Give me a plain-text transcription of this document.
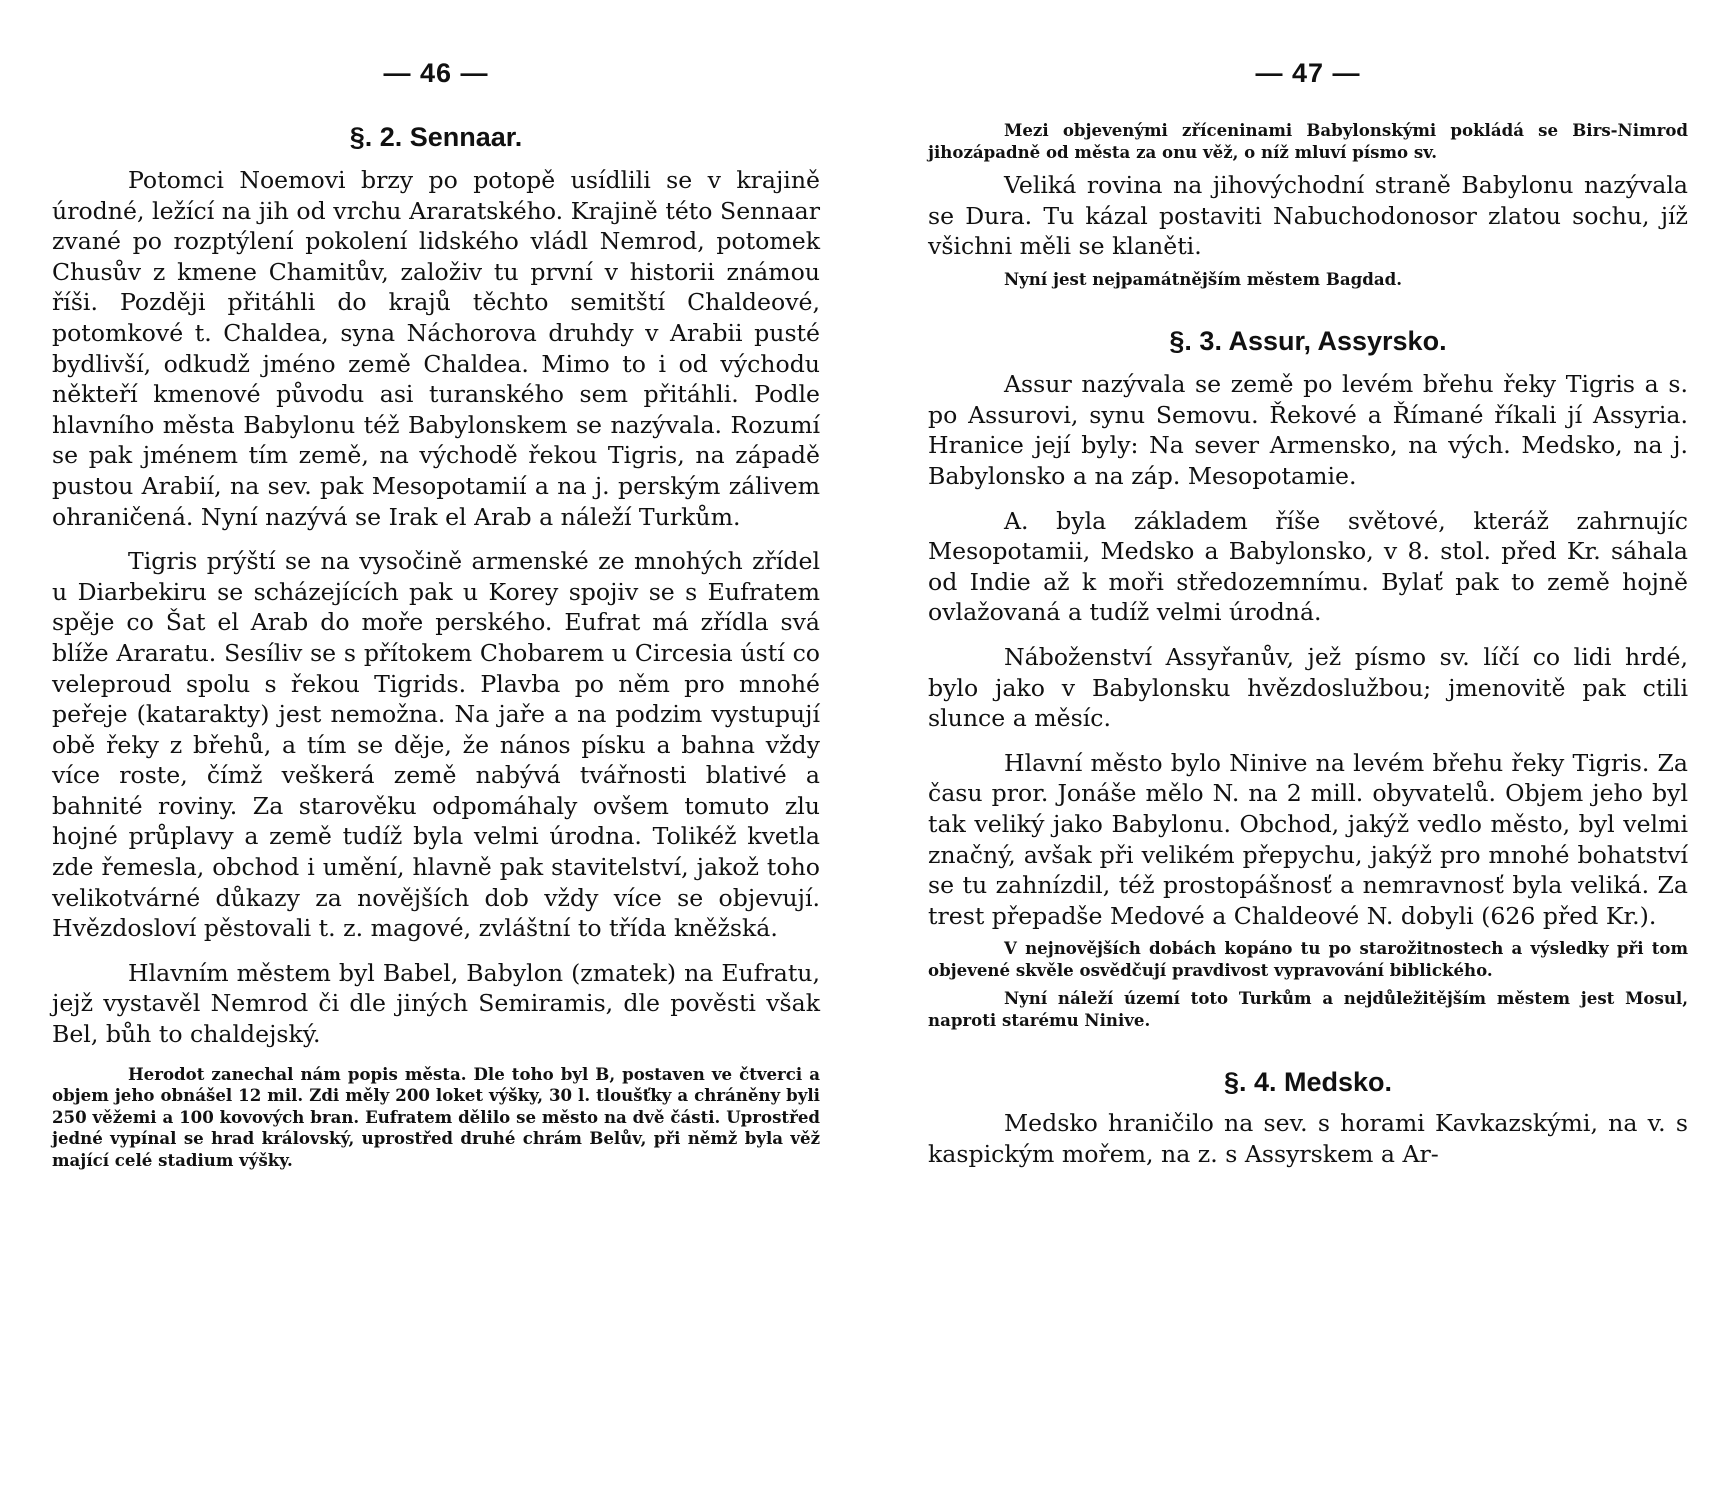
— 46 —
§. 2. Sennaar.

Potomci Noemovi brzy po potopě usídlili se v krajině úrodné, ležící na jih od vrchu Araratského. Krajině této Sennaar zvané po rozptýlení pokolení lidského vládl Nemrod, potomek Chusův z kmene Chamitův, založiv tu první v historii známou říši. Později přitáhli do krajů těchto semitští Chaldeové, potomkové t. Chaldea, syna Náchorova druhdy v Arabii pusté bydlivší, odkudž jméno země Chaldea. Mimo to i od východu někteří kmenové původu asi turanského sem přitáhli. Podle hlavního města Babylonu též Babylonskem se nazývala. Rozumí se pak jménem tím země, na východě řekou Tigris, na západě pustou Arabií, na sev. pak Mesopotamií a na j. perským zálivem ohraničená. Nyní nazývá se Irak el Arab a náleží Turkům.

Tigris prýští se na vysočině armenské ze mnohých zřídel u Diarbekiru se scházejících pak u Korey spojiv se s Eufratem spěje co Šat el Arab do moře perského. Eufrat má zřídla svá blíže Araratu. Sesíliv se s přítokem Chobarem u Circesia ústí co veleproud spolu s řekou Tigrids. Plavba po něm pro mnohé peřeje (katarakty) jest nemožna. Na jaře a na podzim vystupují obě řeky z břehů, a tím se děje, že nános písku a bahna vždy více roste, čímž veškerá země nabývá tvářnosti blativé a bahnité roviny. Za starověku odpomáhaly ovšem tomuto zlu hojné průplavy a země tudíž byla velmi úrodna. Tolikéž kvetla zde řemesla, obchod i umění, hlavně pak stavitelství, jakož toho velikotvárné důkazy za novějších dob vždy více se objevují. Hvězdosloví pěstovali t. z. magové, zvláštní to třída kněžská.

Hlavním městem byl Babel, Babylon (zmatek) na Eufratu, jejž vystavěl Nemrod či dle jiných Semiramis, dle pověsti však Bel, bůh to chaldejský.

Herodot zanechal nám popis města. Dle toho byl B, postaven ve čtverci a objem jeho obnášel 12 mil. Zdi měly 200 loket výšky, 30 l. tloušťky a chráněny byli 250 věžemi a 100 kovových bran. Eufratem dělilo se město na dvě části. Uprostřed jedné vypínal se hrad královský, uprostřed druhé chrám Belův, při němž byla věž mající celé stadium výšky.

— 47 —

Mezi objevenými zříceninami Babylonskými pokládá se Birs-Nimrod jihozápadně od města za onu věž, o níž mluví písmo sv.

Veliká rovina na jihovýchodní straně Babylonu nazývala se Dura. Tu kázal postaviti Nabuchodonosor zlatou sochu, jíž všichni měli se klaněti.

Nyní jest nejpamátnějším městem Bagdad.

§. 3. Assur, Assyrsko.

Assur nazývala se země po levém břehu řeky Tigris a s. po Assurovi, synu Semovu. Řekové a Římané říkali jí Assyria. Hranice její byly: Na sever Armensko, na vých. Medsko, na j. Babylonsko a na záp. Mesopotamie.

A. byla základem říše světové, kteráž zahrnujíc Mesopotamii, Medsko a Babylonsko, v 8. stol. před Kr. sáhala od Indie až k moři středozemnímu. Bylať pak to země hojně ovlažovaná a tudíž velmi úrodná.

Náboženství Assyřanův, jež písmo sv. líčí co lidi hrdé, bylo jako v Babylonsku hvězdoslužbou; jmenovitě pak ctili slunce a měsíc.

Hlavní město bylo Ninive na levém břehu řeky Tigris. Za času pror. Jonáše mělo N. na 2 mill. obyvatelů. Objem jeho byl tak veliký jako Babylonu. Obchod, jakýž vedlo město, byl velmi značný, avšak při velikém přepychu, jakýž pro mnohé bohatství se tu zahnízdil, též prostopášnosť a nemravnosť byla veliká. Za trest přepadše Medové a Chaldeové N. dobyli (626 před Kr.).

V nejnovějších dobách kopáno tu po starožitnostech a výsledky při tom objevené skvěle osvědčují pravdivost vypravování biblického.

Nyní náleží území toto Turkům a nejdůležitějším městem jest Mosul, naproti starému Ninive.

§. 4. Medsko.

Medsko hraničilo na sev. s horami Kavkazskými, na v. s kaspickým mořem, na z. s Assyrskem a Ar-
